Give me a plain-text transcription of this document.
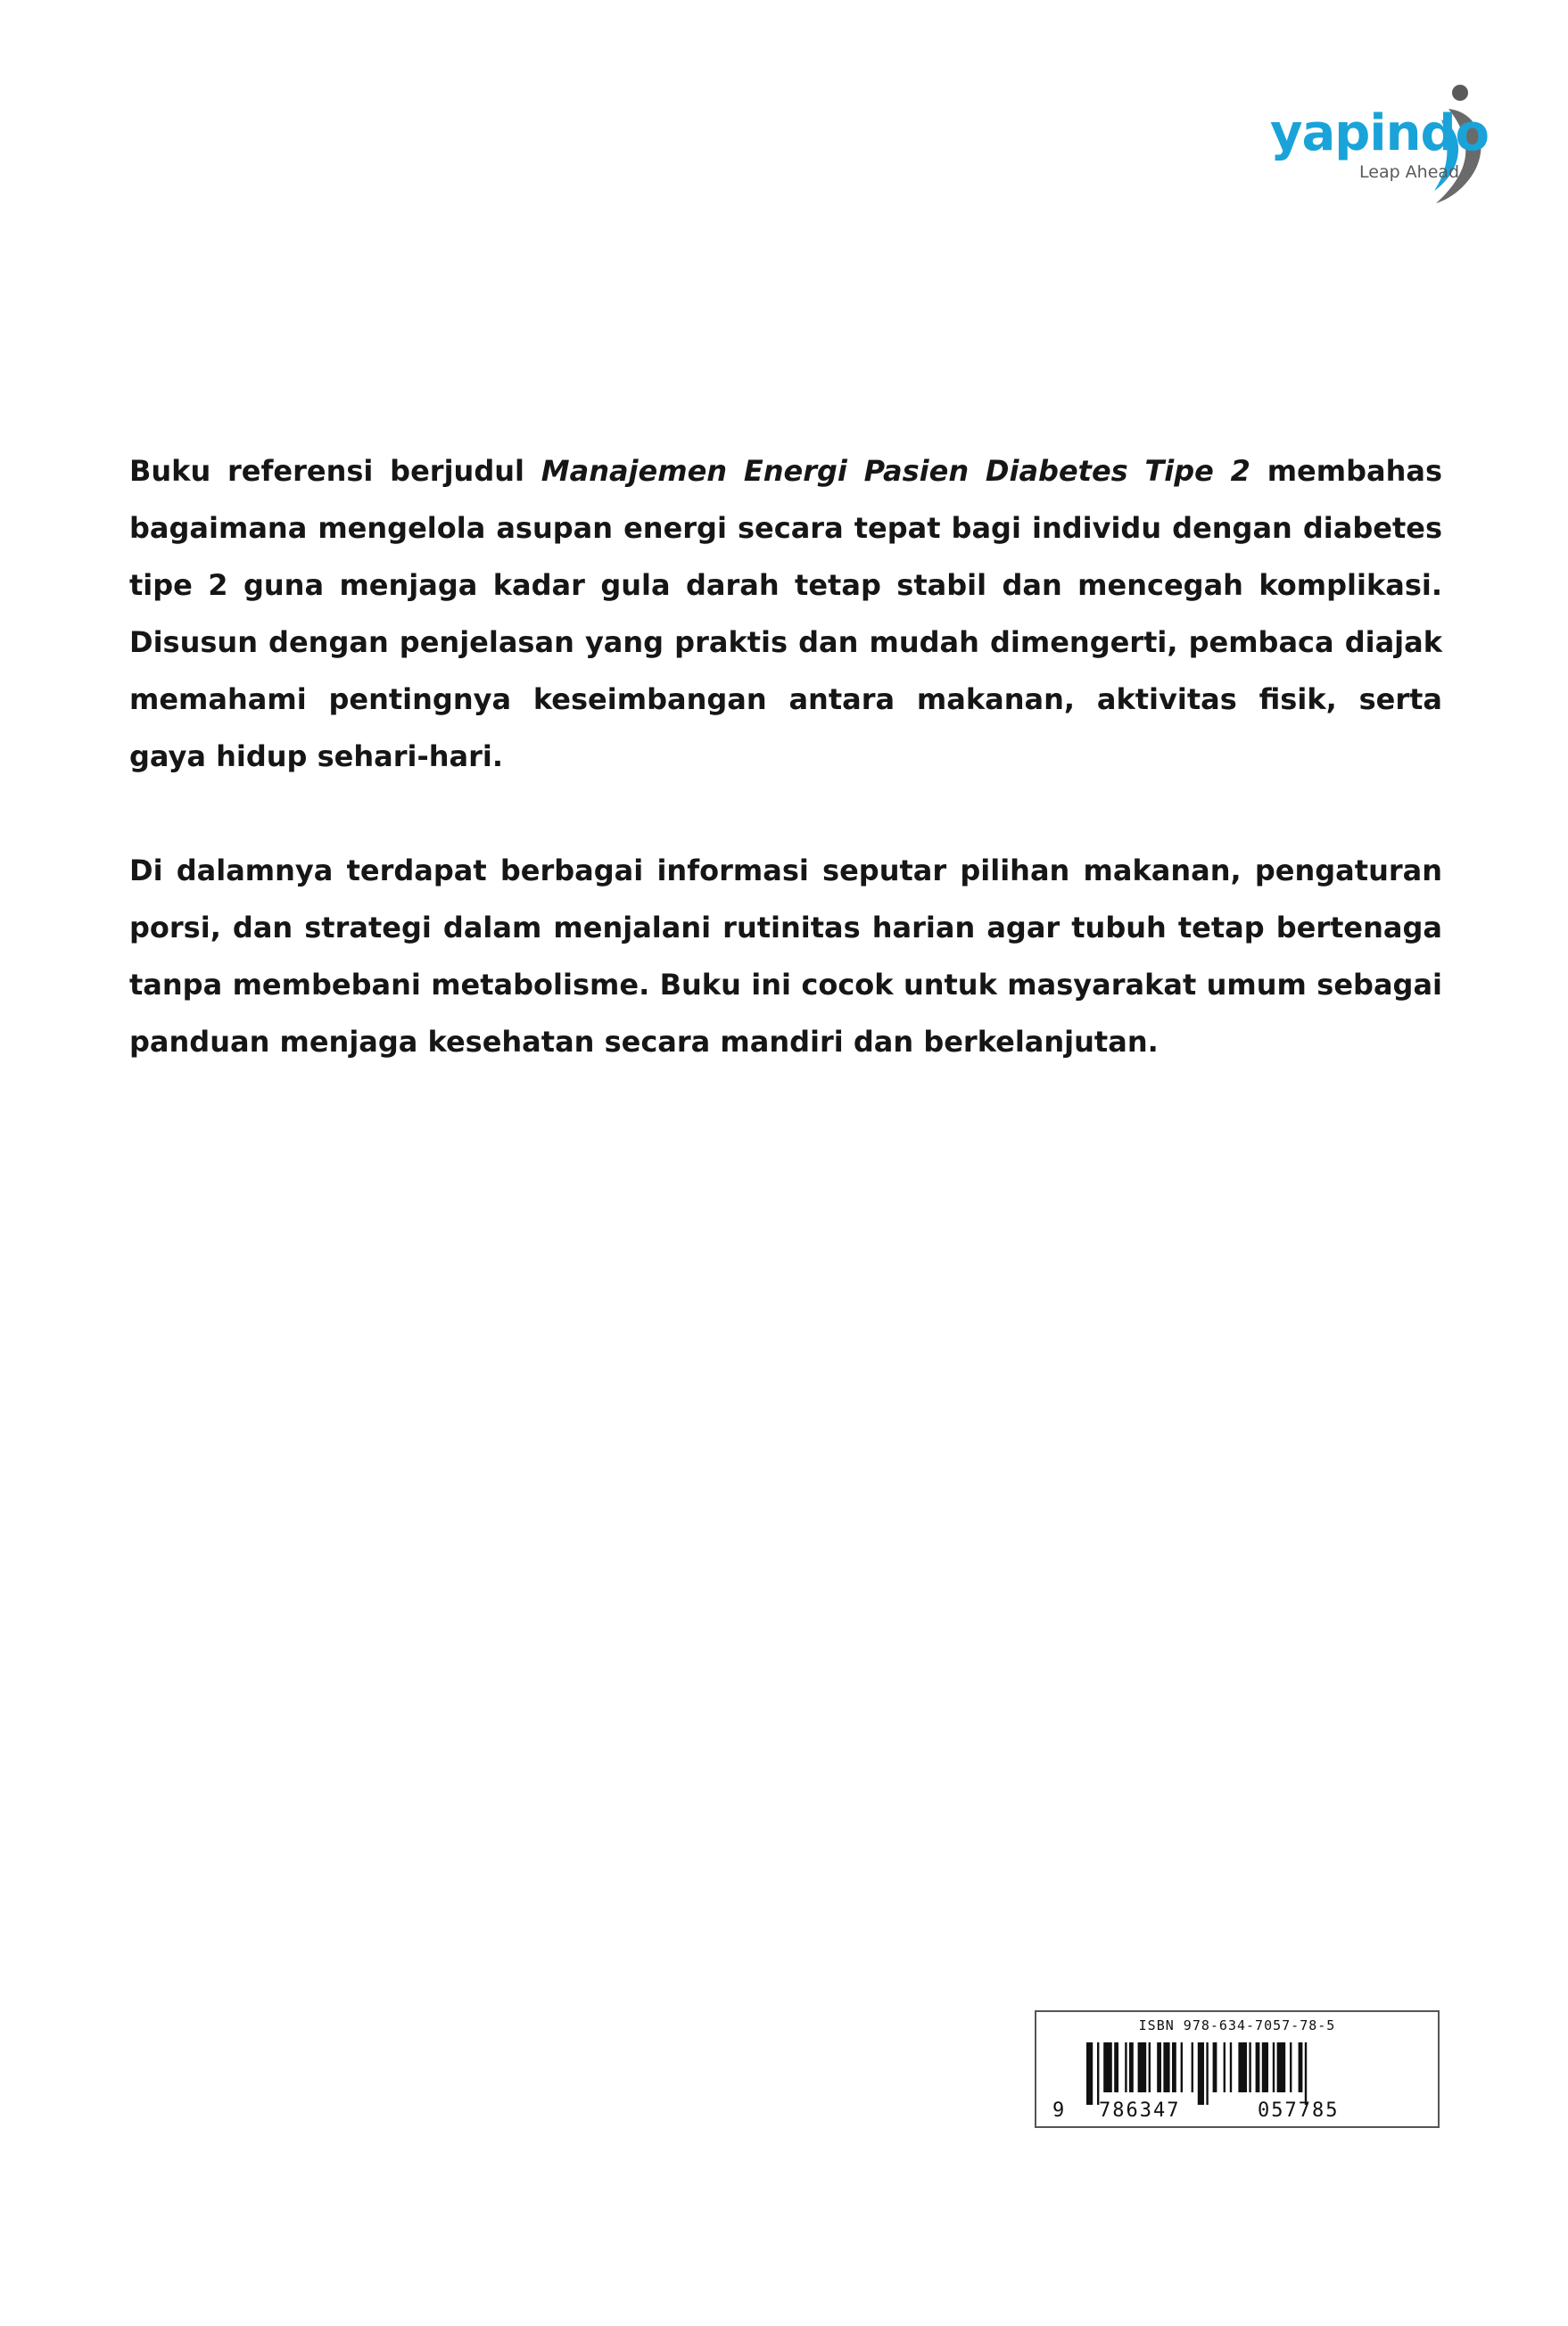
yapindo
Leap Ahead

Buku referensi berjudul Manajemen Energi Pasien Diabetes Tipe 2 membahas bagaimana mengelola asupan energi secara tepat bagi individu dengan diabetes tipe 2 guna menjaga kadar gula darah tetap stabil dan mencegah komplikasi. Disusun dengan penjelasan yang praktis dan mudah dimengerti, pembaca diajak memahami pentingnya keseimbangan antara makanan, aktivitas fisik, serta gaya hidup sehari-hari.

Di dalamnya terdapat berbagai informasi seputar pilihan makanan, pengaturan porsi, dan strategi dalam menjalani rutinitas harian agar tubuh tetap bertenaga tanpa membebani metabolisme. Buku ini cocok untuk masyarakat umum sebagai panduan menjaga kesehatan secara mandiri dan berkelanjutan.

ISBN 978-634-7057-78-5
9 786347	057785
